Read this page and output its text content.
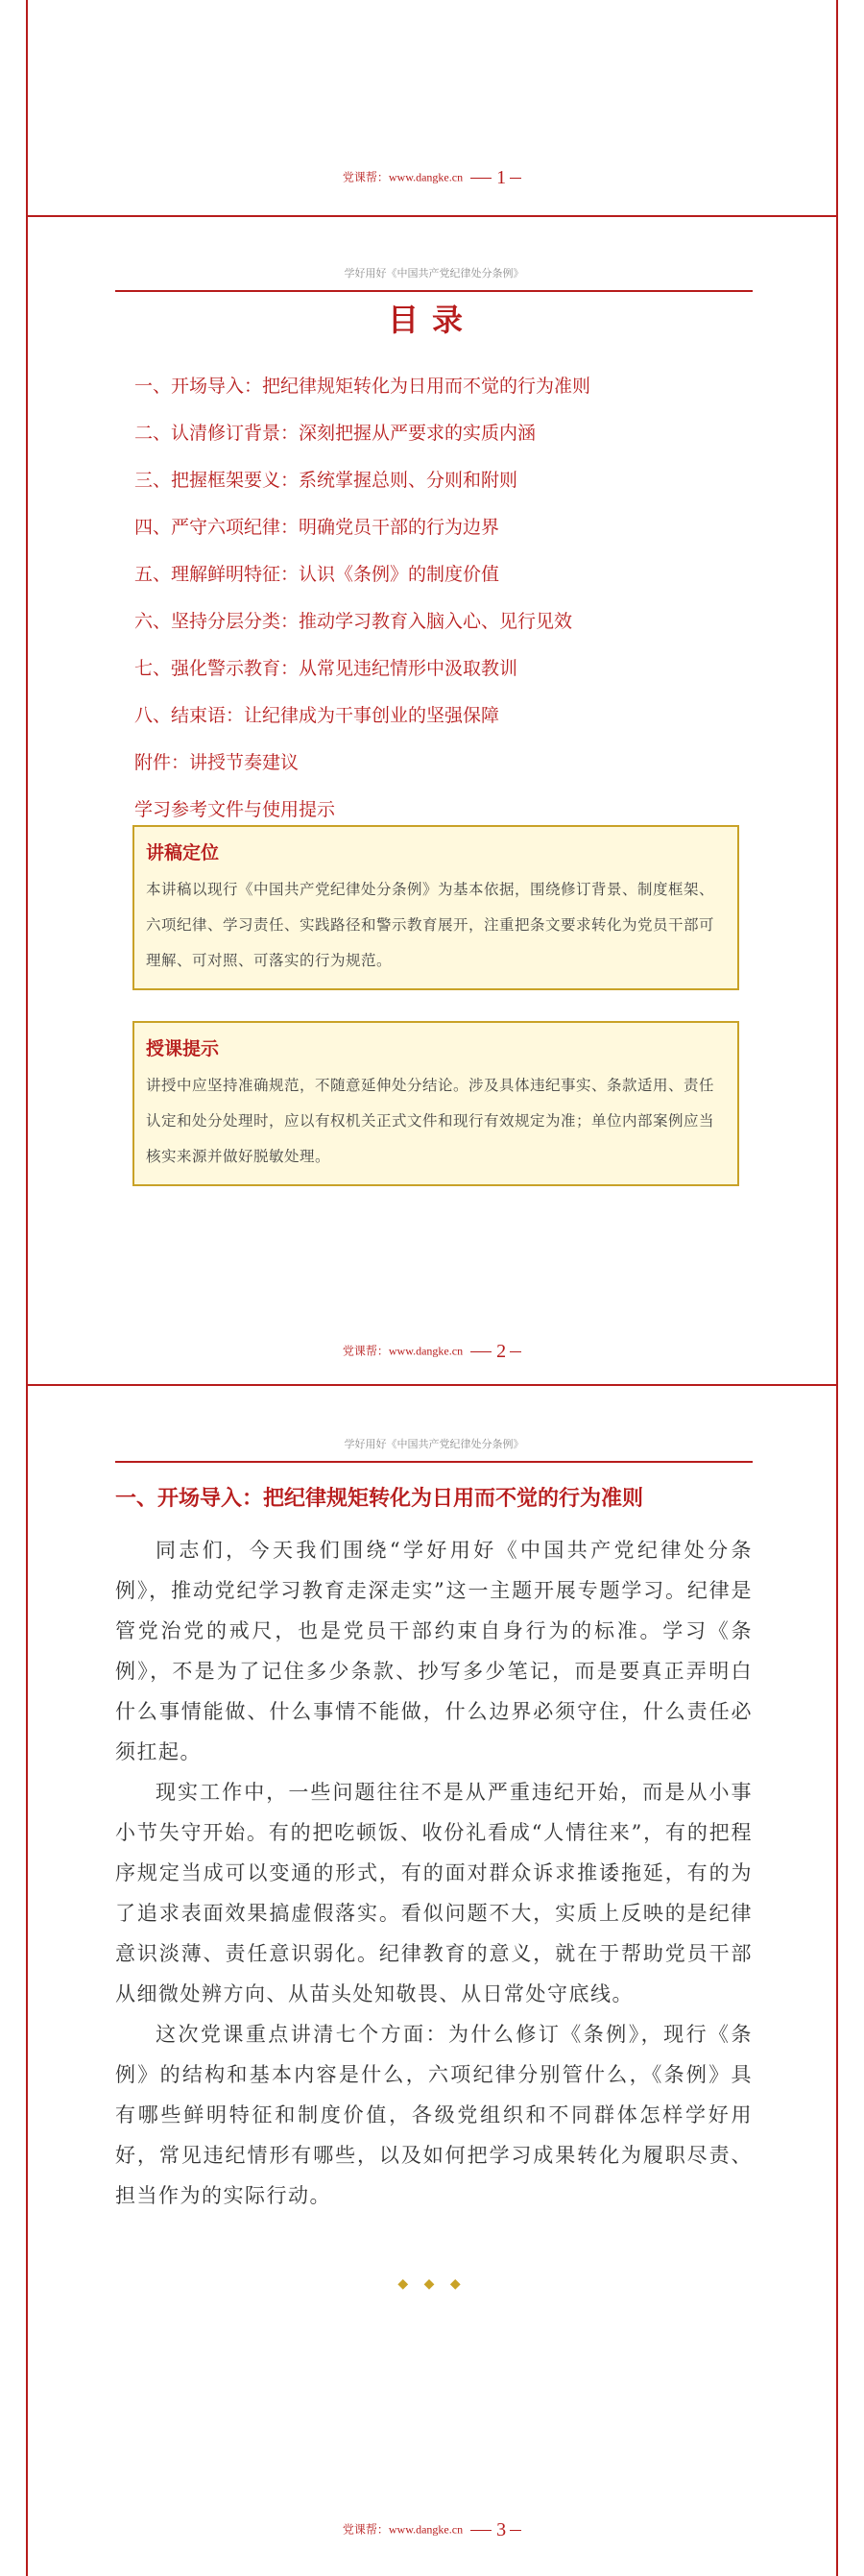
党课帮：www.dangke.cn 1
学好用好《中国共产党纪律处分条例》
目录
一、开场导入：把纪律规矩转化为日用而不觉的行为准则
二、认清修订背景：深刻把握从严要求的实质内涵
三、把握框架要义：系统掌握总则、分则和附则
四、严守六项纪律：明确党员干部的行为边界
五、理解鲜明特征：认识《条例》的制度价值
六、坚持分层分类：推动学习教育入脑入心、见行见效
七、强化警示教育：从常见违纪情形中汲取教训
八、结束语：让纪律成为干事创业的坚强保障
附件：讲授节奏建议
学习参考文件与使用提示
讲稿定位

本讲稿以现行《中国共产党纪律处分条例》为基本依据，围绕修订背景、制度框架、六项纪律、学习责任、实践路径和警示教育展开，注重把条文要求转化为党员干部可理解、可对照、可落实的行为规范。

授课提示

讲授中应坚持准确规范，不随意延伸处分结论。涉及具体违纪事实、条款适用、责任认定和处分处理时，应以有权机关正式文件和现行有效规定为准；单位内部案例应当核实来源并做好脱敏处理。

党课帮：www.dangke.cn 2
学好用好《中国共产党纪律处分条例》
一、开场导入：把纪律规矩转化为日用而不觉的行为准则

同志们，今天我们围绕“学好用好《中国共产党纪律处分条例》，推动党纪学习教育走深走实”这一主题开展专题学习。纪律是管党治党的戒尺，也是党员干部约束自身行为的标准。学习《条例》，不是为了记住多少条款、抄写多少笔记，而是要真正弄明白什么事情能做、什么事情不能做，什么边界必须守住，什么责任必须扛起。

现实工作中，一些问题往往不是从严重违纪开始，而是从小事小节失守开始。有的把吃顿饭、收份礼看成“人情往来”，有的把程序规定当成可以变通的形式，有的面对群众诉求推诿拖延，有的为了追求表面效果搞虚假落实。看似问题不大，实质上反映的是纪律意识淡薄、责任意识弱化。纪律教育的意义，就在于帮助党员干部从细微处辨方向、从苗头处知敬畏、从日常处守底线。

这次党课重点讲清七个方面：为什么修订《条例》，现行《条例》的结构和基本内容是什么，六项纪律分别管什么，《条例》具有哪些鲜明特征和制度价值，各级党组织和不同群体怎样学好用好，常见违纪情形有哪些，以及如何把学习成果转化为履职尽责、担当作为的实际行动。

◆ ◆ ◆
党课帮：www.dangke.cn 3
